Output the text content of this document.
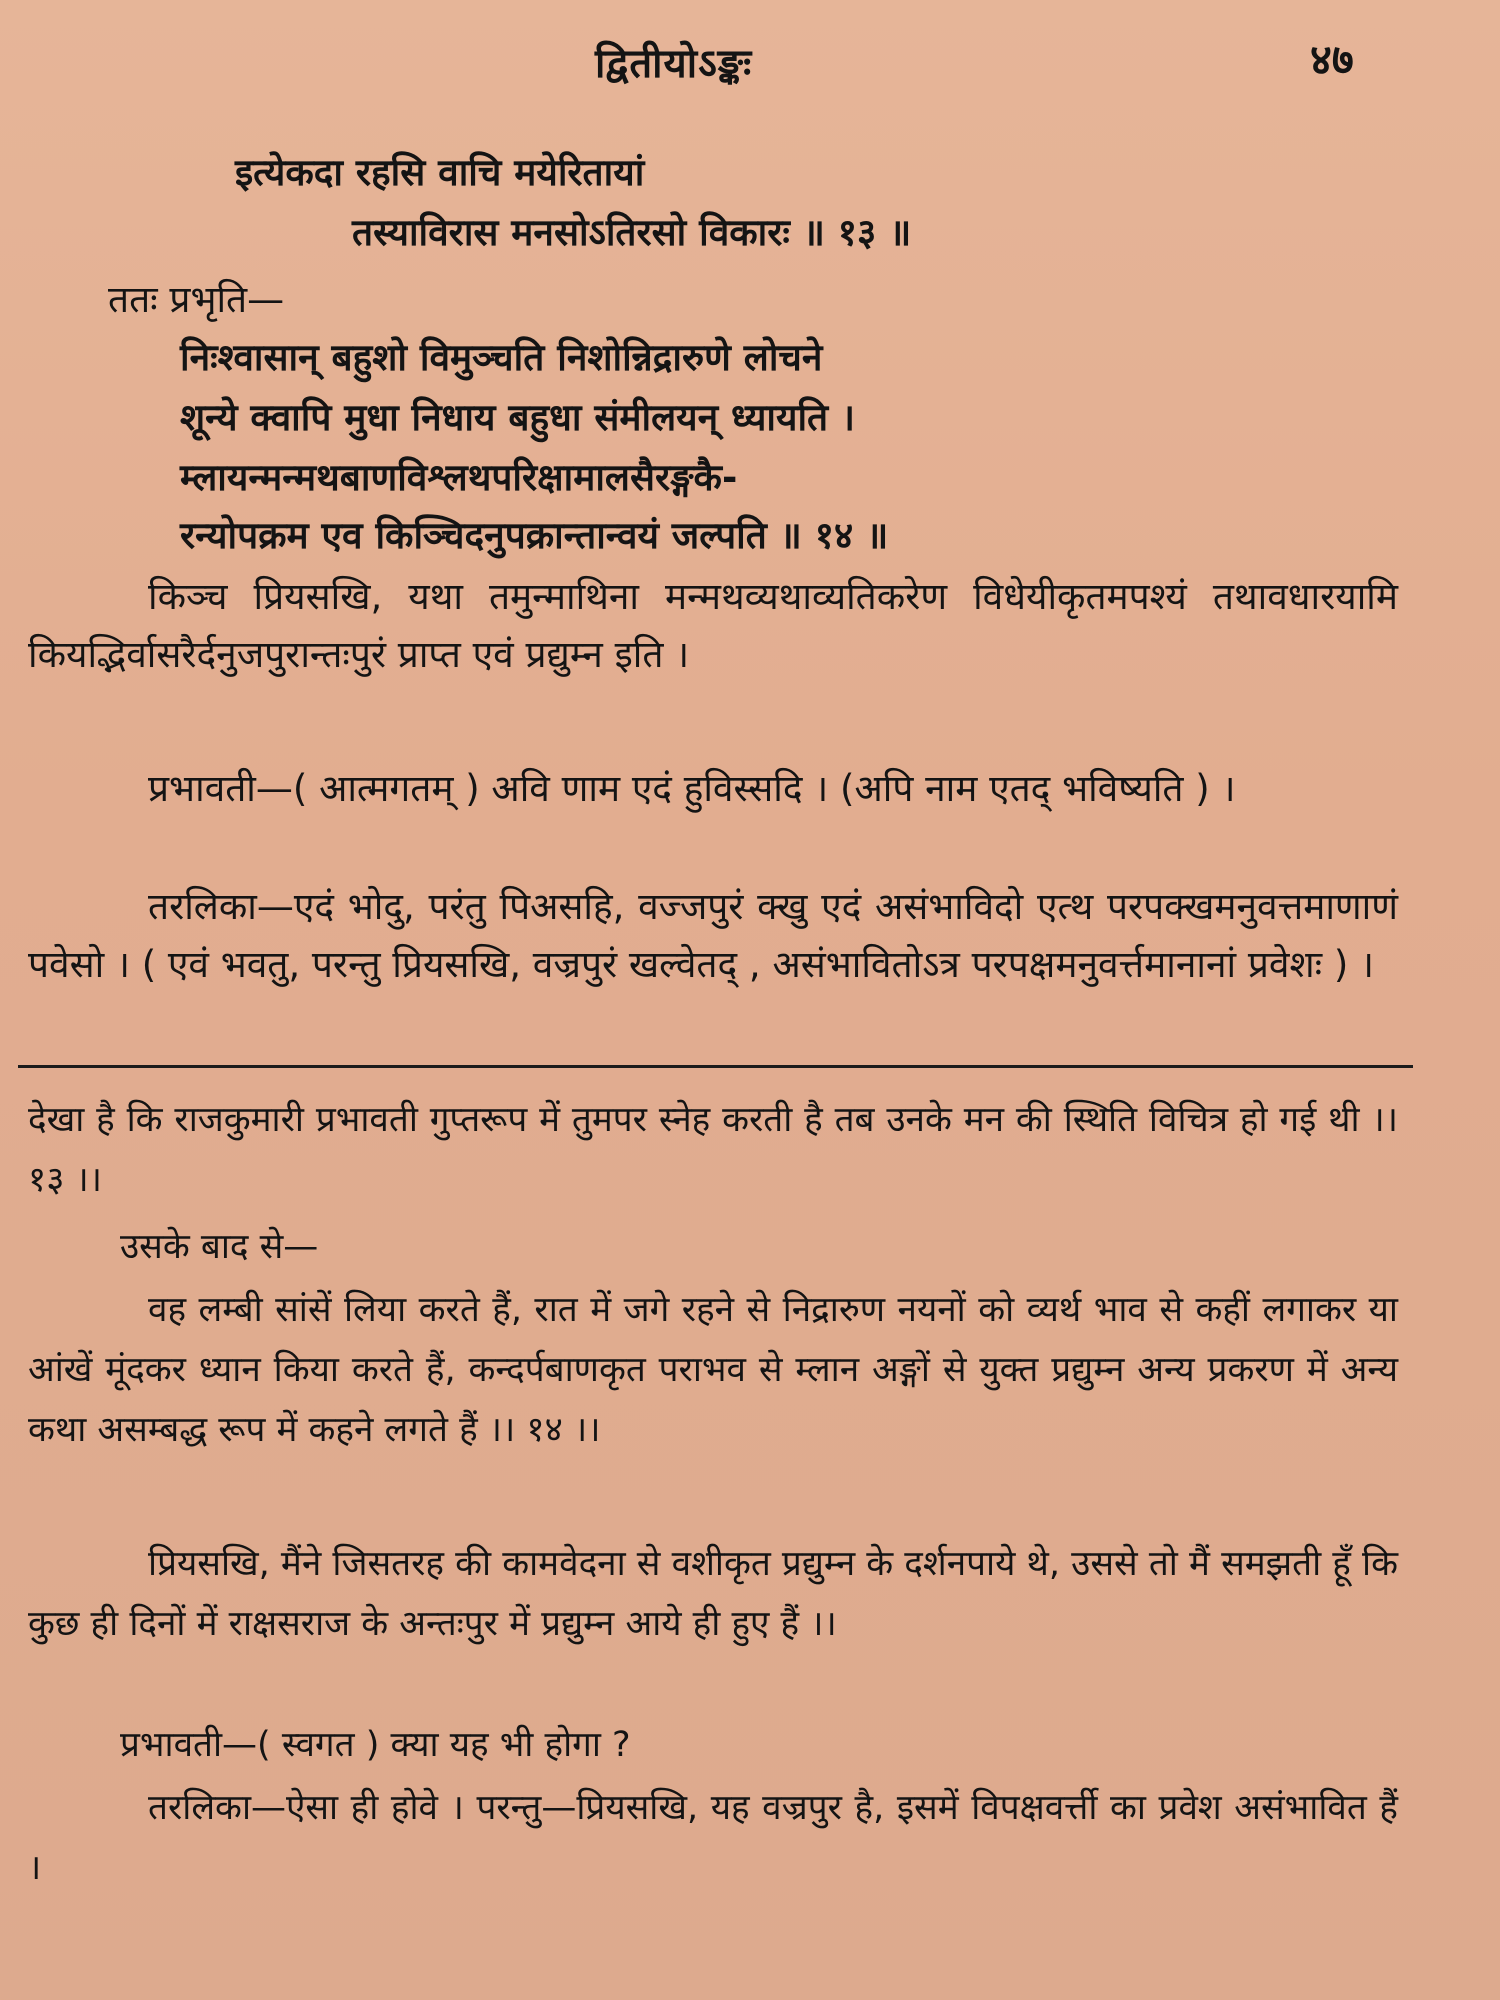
द्वितीयोऽङ्कः	४७
इत्येकदा रहसि वाचि मयेरितायां
तस्याविरास मनसोऽतिरसो विकारः ॥ १३ ॥
ततः प्रभृति—
निःश्वासान् बहुशो विमुञ्चति निशोन्निद्रारुणे लोचने
शून्ये क्वापि मुधा निधाय बहुधा संमीलयन् ध्यायति ।
म्लायन्मन्मथबाणविश्लथपरिक्षामालसैरङ्गकै-
रन्योपक्रम एव किञ्चिदनुपक्रान्तान्वयं जल्पति ॥ १४ ॥
किञ्च प्रियसखि, यथा तमुन्माथिना मन्मथव्यथाव्यतिकरेण विधेयीकृतमपश्यं तथावधारयामि कियद्भिर्वासरैर्दनुजपुरान्तःपुरं प्राप्त एवं प्रद्युम्न इति ।
प्रभावती—( आत्मगतम् ) अवि णाम एदं हुविस्सदि । (अपि नाम एतद् भविष्यति ) ।
तरलिका—एदं भोदु, परंतु पिअसहि, वज्जपुरं क्खु एदं असंभाविदो एत्थ परपक्खमनुवत्तमाणाणं पवेसो । ( एवं भवतु, परन्तु प्रियसखि, वज्रपुरं खल्वेतद् , असंभावितोऽत्र परपक्षमनुवर्त्तमानानां प्रवेशः ) ।
देखा है कि राजकुमारी प्रभावती गुप्तरूप में तुमपर स्नेह करती है तब उनके मन की स्थिति विचित्र हो गई थी ।। १३ ।।
उसके बाद से—
वह लम्बी सांसें लिया करते हैं, रात में जगे रहने से निद्रारुण नयनों को व्यर्थ भाव से कहीं लगाकर या आंखें मूंदकर ध्यान किया करते हैं, कन्दर्पबाणकृत पराभव से म्लान अङ्गों से युक्त प्रद्युम्न अन्य प्रकरण में अन्य कथा असम्बद्ध रूप में कहने लगते हैं ।। १४ ।।
प्रियसखि, मैंने जिसतरह की कामवेदना से वशीकृत प्रद्युम्न के दर्शनपाये थे, उससे तो मैं समझती हूँ कि कुछ ही दिनों में राक्षसराज के अन्तःपुर में प्रद्युम्न आये ही हुए हैं ।।
प्रभावती—( स्वगत ) क्या यह भी होगा ?
तरलिका—ऐसा ही होवे । परन्तु—प्रियसखि, यह वज्रपुर है, इसमें विपक्षवर्त्ती का प्रवेश असंभावित हैं ।
